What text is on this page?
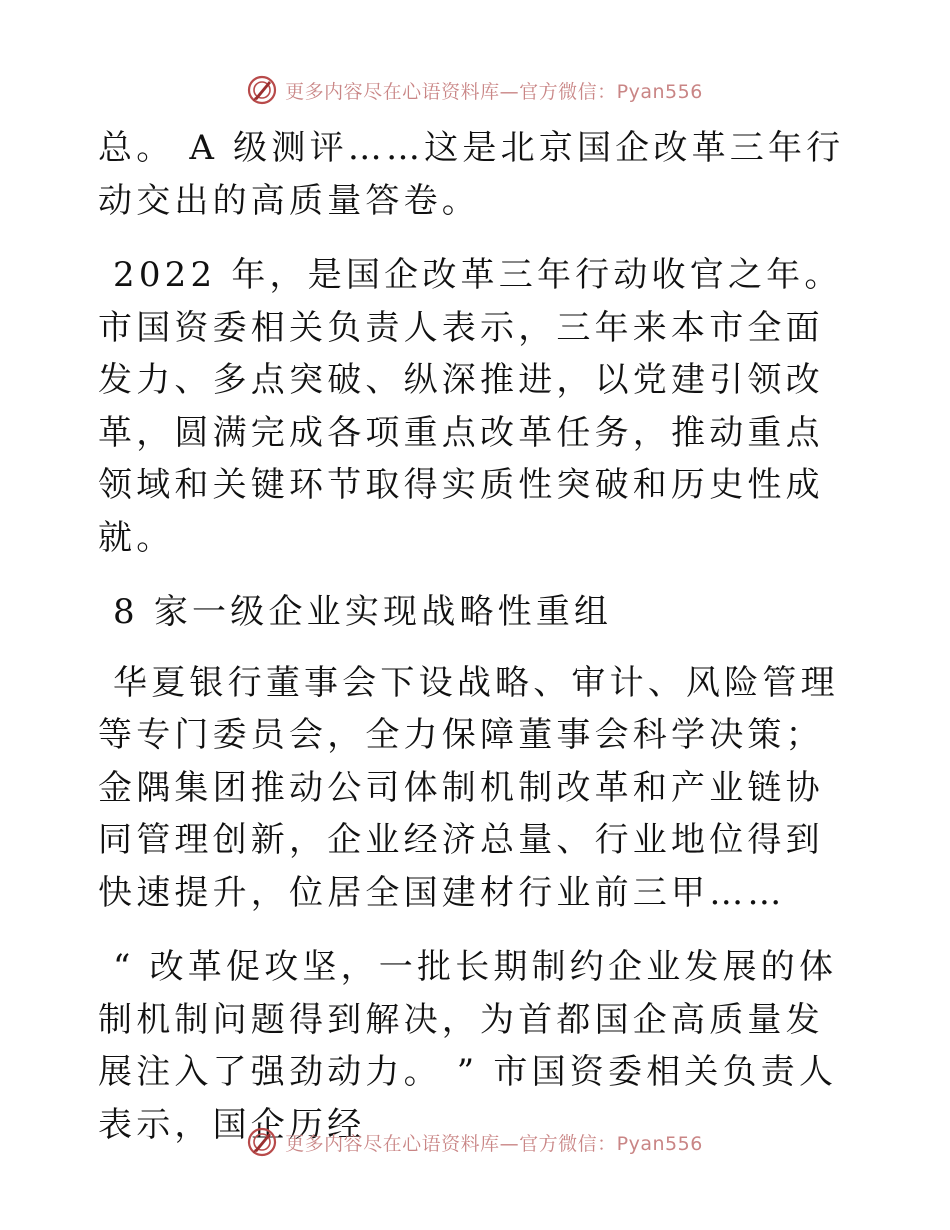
更多内容尽在心语资料库—官方微信：Pyan556

总。 A 级测评……这是北京国企改革三年行动交出的高质量答卷。

2022 年，是国企改革三年行动收官之年。市国资委相关负责人表示，三年来本市全面发力、多点突破、纵深推进，以党建引领改革，圆满完成各项重点改革任务，推动重点领域和关键环节取得实质性突破和历史性成就。

8 家一级企业实现战略性重组

华夏银行董事会下设战略、审计、风险管理等专门委员会，全力保障董事会科学决策；金隅集团推动公司体制机制改革和产业链协同管理创新，企业经济总量、行业地位得到快速提升，位居全国建材行业前三甲……

“ 改革促攻坚，一批长期制约企业发展的体制机制问题得到解决，为首都国企高质量发展注入了强劲动力。 ” 市国资委相关负责人表示，国企历经

更多内容尽在心语资料库—官方微信：Pyan556
